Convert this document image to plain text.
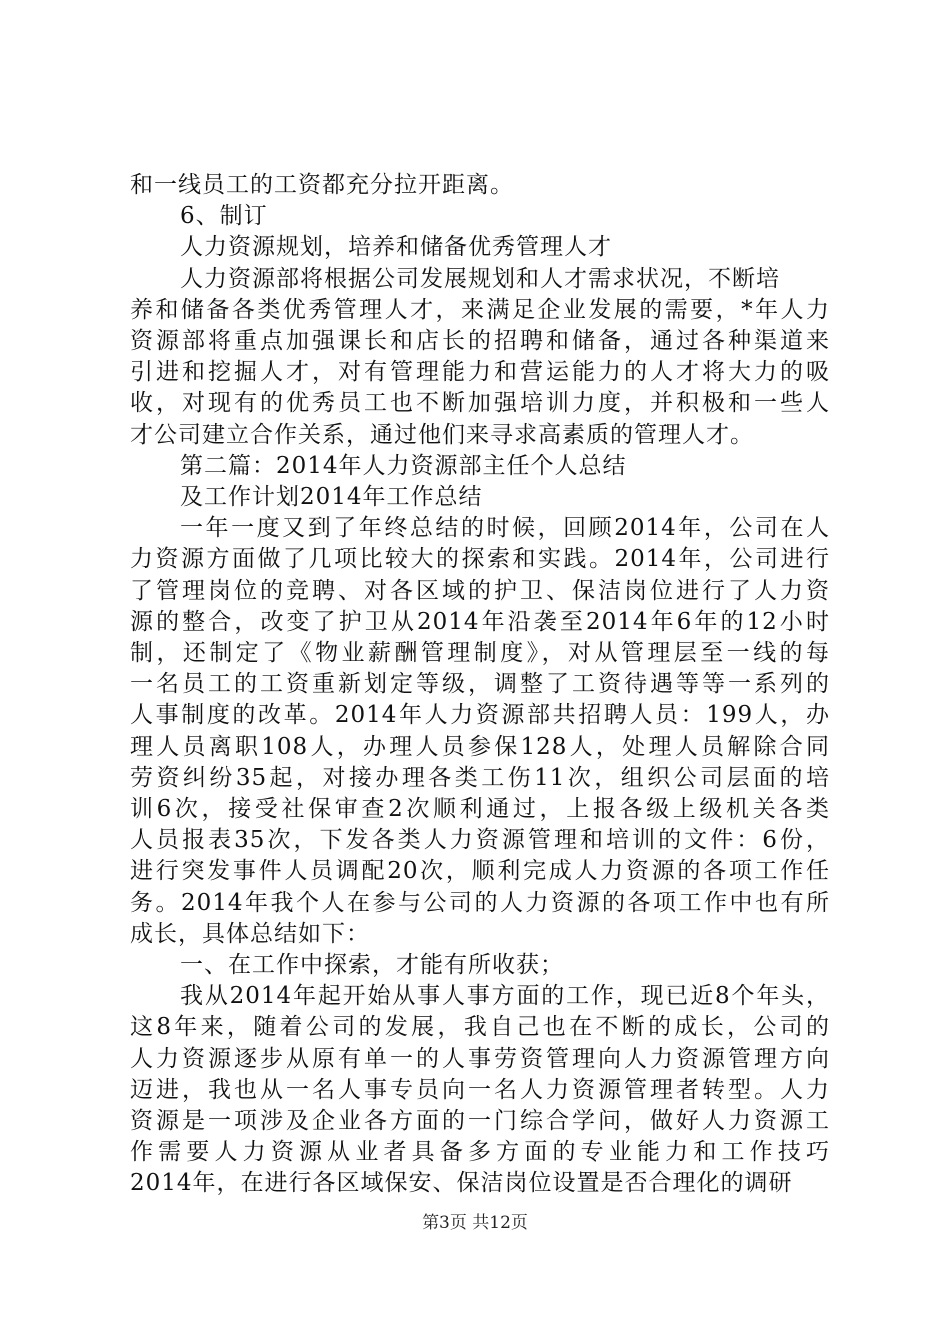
和一线员工的工资都充分拉开距离。
6、制订
人力资源规划，培养和储备优秀管理人才
人力资源部将根据公司发展规划和人才需求状况，不断培
养和储备各类优秀管理人才，来满足企业发展的需要，*年人力
资源部将重点加强课长和店长的招聘和储备，通过各种渠道来
引进和挖掘人才，对有管理能力和营运能力的人才将大力的吸
收，对现有的优秀员工也不断加强培训力度，并积极和一些人
才公司建立合作关系，通过他们来寻求高素质的管理人才。
第二篇：2014年人力资源部主任个人总结
及工作计划2014年工作总结
一年一度又到了年终总结的时候，回顾2014年，公司在人
力资源方面做了几项比较大的探索和实践。2014年，公司进行
了管理岗位的竞聘、对各区域的护卫、保洁岗位进行了人力资
源的整合，改变了护卫从2014年沿袭至2014年6年的12小时
制，还制定了《物业薪酬管理制度》，对从管理层至一线的每
一名员工的工资重新划定等级，调整了工资待遇等等一系列的
人事制度的改革。2014年人力资源部共招聘人员：199人，办
理人员离职108人，办理人员参保128人，处理人员解除合同
劳资纠纷35起，对接办理各类工伤11次，组织公司层面的培
训6次，接受社保审查2次顺利通过，上报各级上级机关各类
人员报表35次，下发各类人力资源管理和培训的文件：6份，
进行突发事件人员调配20次，顺利完成人力资源的各项工作任
务。2014年我个人在参与公司的人力资源的各项工作中也有所
成长，具体总结如下：
一、在工作中探索，才能有所收获；
我从2014年起开始从事人事方面的工作，现已近8个年头，
这8年来，随着公司的发展，我自己也在不断的成长，公司的
人力资源逐步从原有单一的人事劳资管理向人力资源管理方向
迈进，我也从一名人事专员向一名人力资源管理者转型。人力
资源是一项涉及企业各方面的一门综合学问，做好人力资源工
作需要人力资源从业者具备多方面的专业能力和工作技巧
2014年，在进行各区域保安、保洁岗位设置是否合理化的调研
第3页 共12页
